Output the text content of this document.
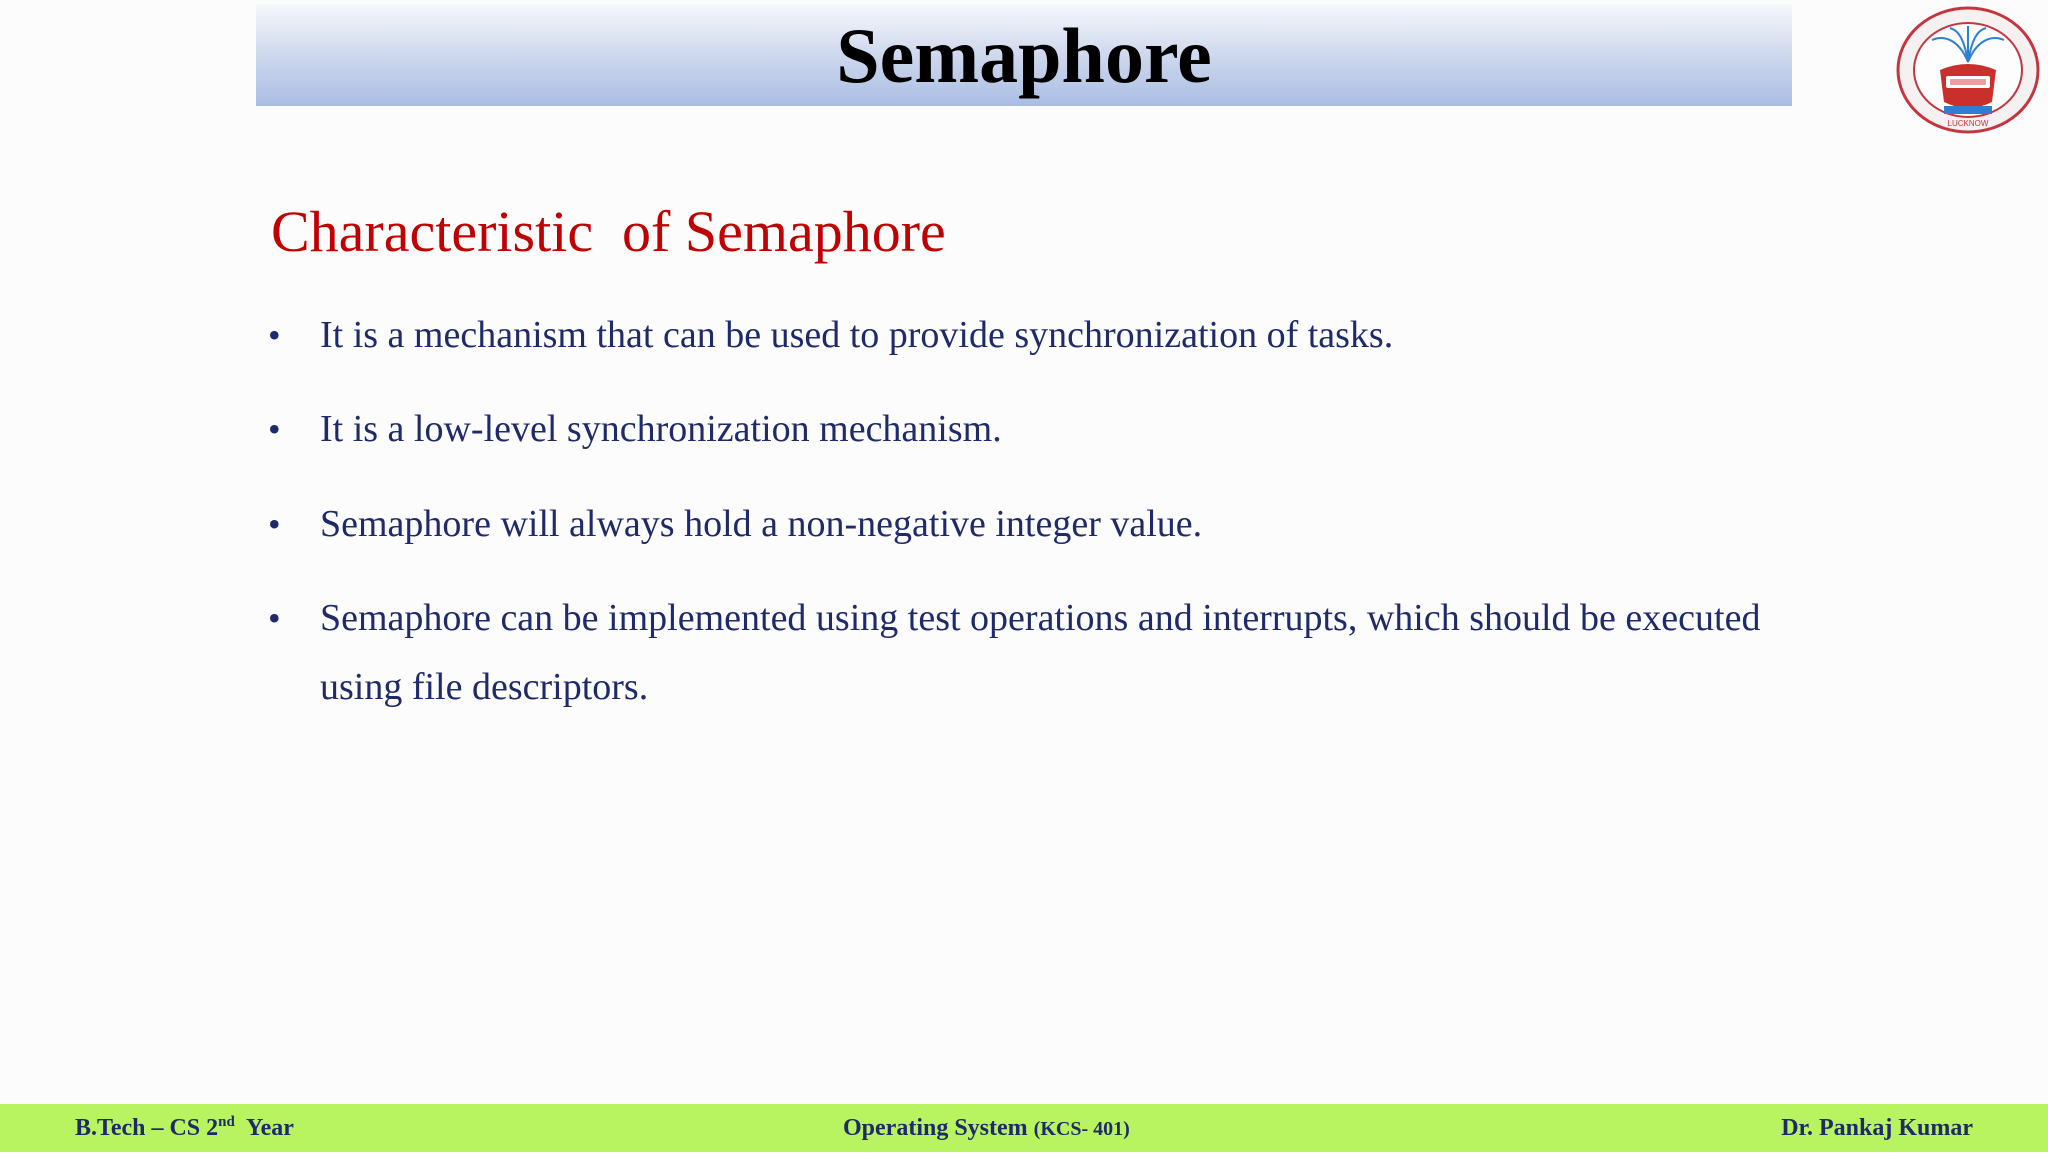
Semaphore
LUCKNOW
Characteristic  of Semaphore
•	It is a mechanism that can be used to provide synchronization of tasks.
•	It is a low-level synchronization mechanism.
•	Semaphore will always hold a non-negative integer value.
•	Semaphore can be implemented using test operations and interrupts, which should be executed using file descriptors.
B.Tech – CS 2nd  Year	Operating System (KCS- 401)	Dr. Pankaj Kumar
